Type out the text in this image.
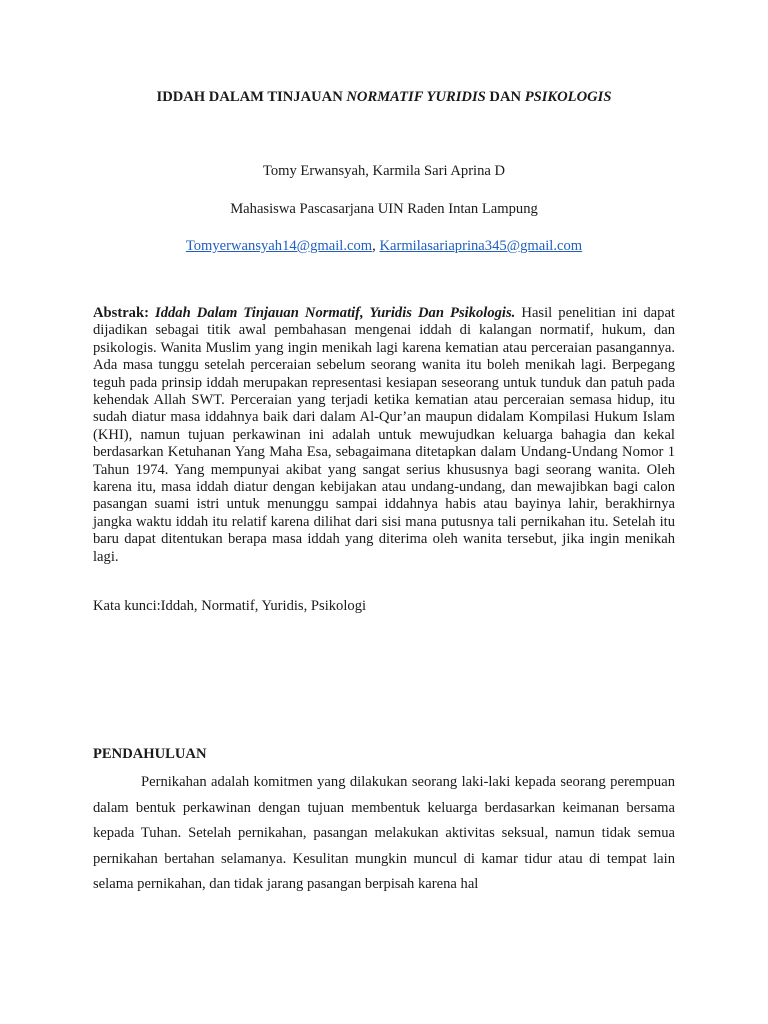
IDDAH DALAM TINJAUAN NORMATIF YURIDIS DAN PSIKOLOGIS
Tomy Erwansyah, Karmila Sari Aprina D
Mahasiswa Pascasarjana UIN Raden Intan Lampung
Tomyerwansyah14@gmail.com, Karmilasariaprina345@gmail.com
Abstrak: Iddah Dalam Tinjauan Normatif, Yuridis Dan Psikologis. Hasil penelitian ini dapat dijadikan sebagai titik awal pembahasan mengenai iddah di kalangan normatif, hukum, dan psikologis. Wanita Muslim yang ingin menikah lagi karena kematian atau perceraian pasangannya. Ada masa tunggu setelah perceraian sebelum seorang wanita itu boleh menikah lagi. Berpegang teguh pada prinsip iddah merupakan representasi kesiapan seseorang untuk tunduk dan patuh pada kehendak Allah SWT. Perceraian yang terjadi ketika kematian atau perceraian semasa hidup, itu sudah diatur masa iddahnya baik dari dalam Al-Qur’an maupun didalam Kompilasi Hukum Islam (KHI), namun tujuan perkawinan ini adalah untuk mewujudkan keluarga bahagia dan kekal berdasarkan Ketuhanan Yang Maha Esa, sebagaimana ditetapkan dalam Undang-Undang Nomor 1 Tahun 1974. Yang mempunyai akibat yang sangat serius khususnya bagi seorang wanita. Oleh karena itu, masa iddah diatur dengan kebijakan atau undang-undang, dan mewajibkan bagi calon pasangan suami istri untuk menunggu sampai iddahnya habis atau bayinya lahir, berakhirnya jangka waktu iddah itu relatif karena dilihat dari sisi mana putusnya tali pernikahan itu. Setelah itu baru dapat ditentukan berapa masa iddah yang diterima oleh wanita tersebut, jika ingin menikah lagi.
Kata kunci:Iddah, Normatif, Yuridis, Psikologi
PENDAHULUAN
Pernikahan adalah komitmen yang dilakukan seorang laki-laki kepada seorang perempuan dalam bentuk perkawinan dengan tujuan membentuk keluarga berdasarkan keimanan bersama kepada Tuhan. Setelah pernikahan, pasangan melakukan aktivitas seksual, namun tidak semua pernikahan bertahan selamanya. Kesulitan mungkin muncul di kamar tidur atau di tempat lain selama pernikahan, dan tidak jarang pasangan berpisah karena hal
